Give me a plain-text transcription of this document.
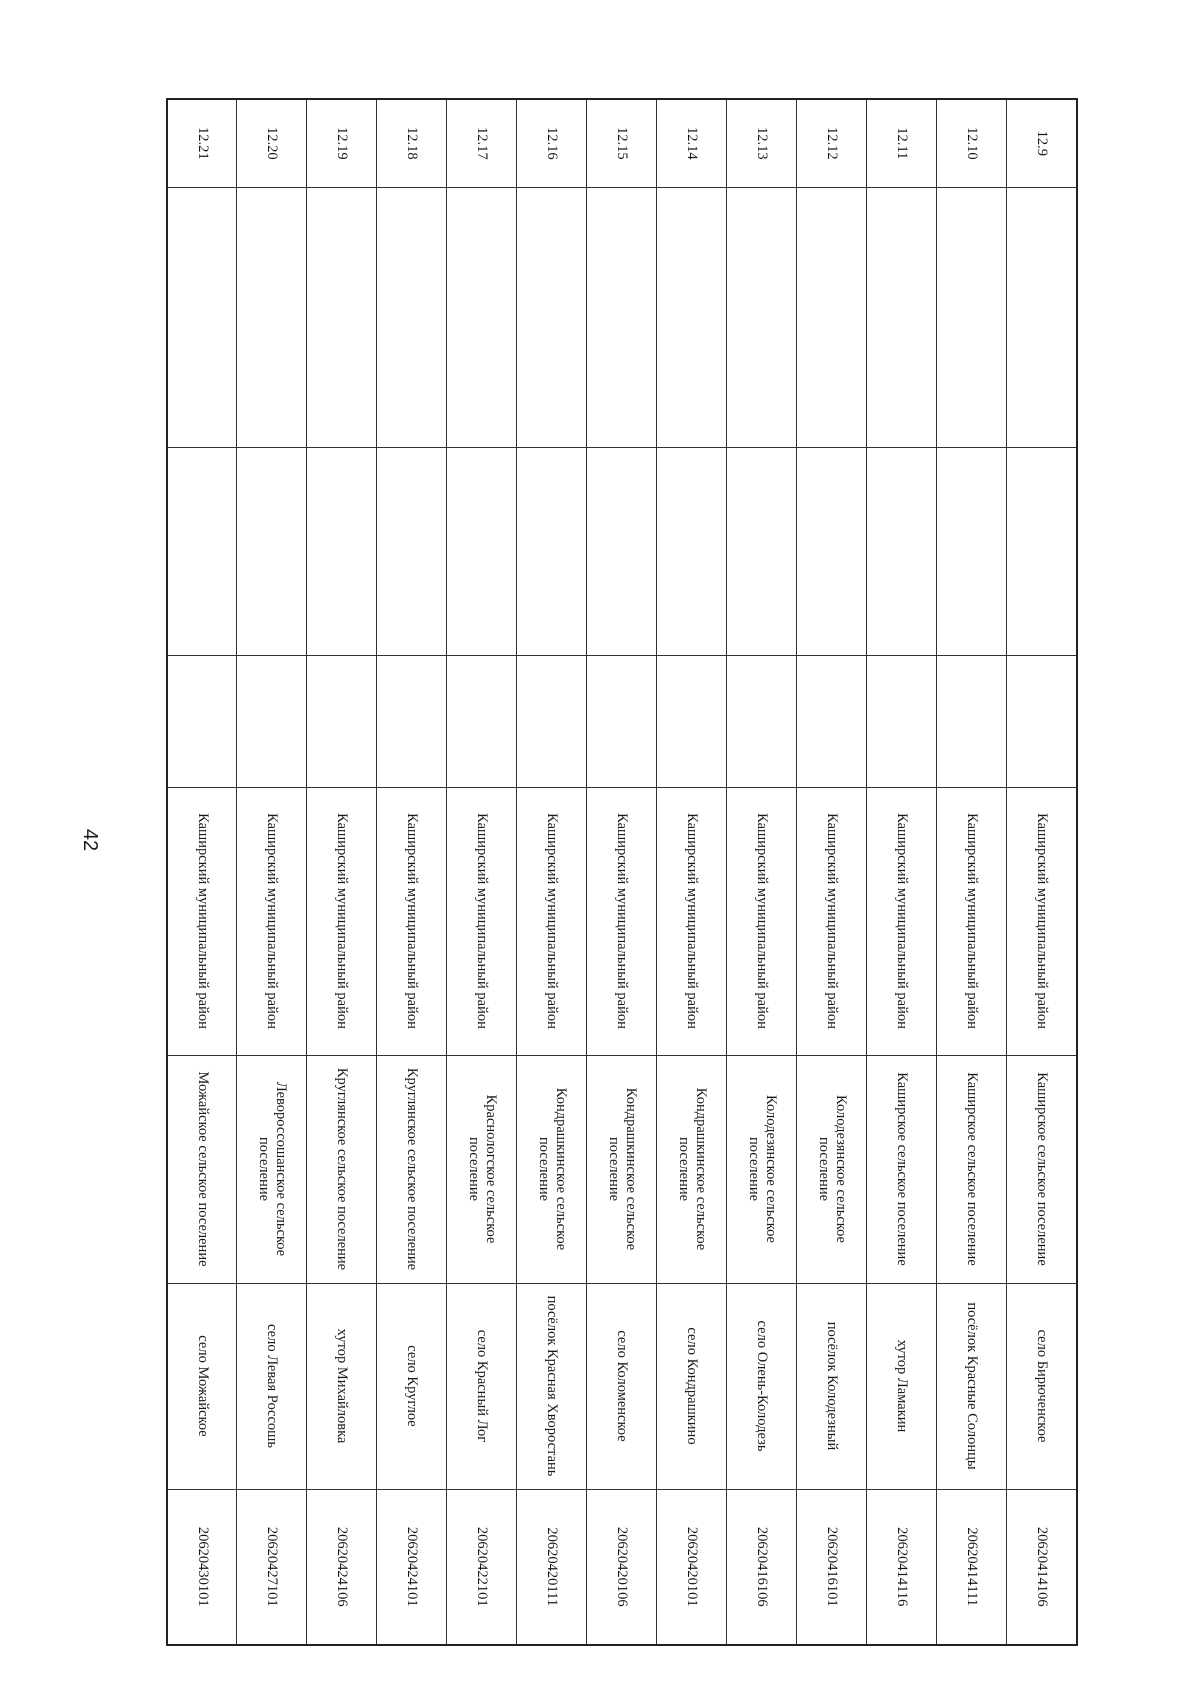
42
12.9				Каширский муниципальный район	Каширское сельское поселение	село Бирюченское	20620414106
12.10				Каширский муниципальный район	Каширское сельское поселение	посёлок Красные Солонцы	20620414111
12.11				Каширский муниципальный район	Каширское сельское поселение	хутор Ламакин	20620414116
12.12				Каширский муниципальный район	Колодезянское сельское поселение	посёлок Колодезный	20620416101
12.13				Каширский муниципальный район	Колодезянское сельское поселение	село Олень-Колодезь	20620416106
12.14				Каширский муниципальный район	Кондрашкинское сельское поселение	село Кондрашкино	20620420101
12.15				Каширский муниципальный район	Кондрашкинское сельское поселение	село Коломенское	20620420106
12.16				Каширский муниципальный район	Кондрашкинское сельское поселение	посёлок Красная Хворостань	20620420111
12.17				Каширский муниципальный район	Краснологское сельское поселение	село Красный Лог	20620422101
12.18				Каширский муниципальный район	Круглянское сельское поселение	село Круглое	20620424101
12.19				Каширский муниципальный район	Круглянское сельское поселение	хутор Михайловка	20620424106
12.20				Каширский муниципальный район	Левороссошанское сельское поселение	село Левая Россошь	20620427101
12.21				Каширский муниципальный район	Можайское сельское поселение	село Можайское	20620430101
